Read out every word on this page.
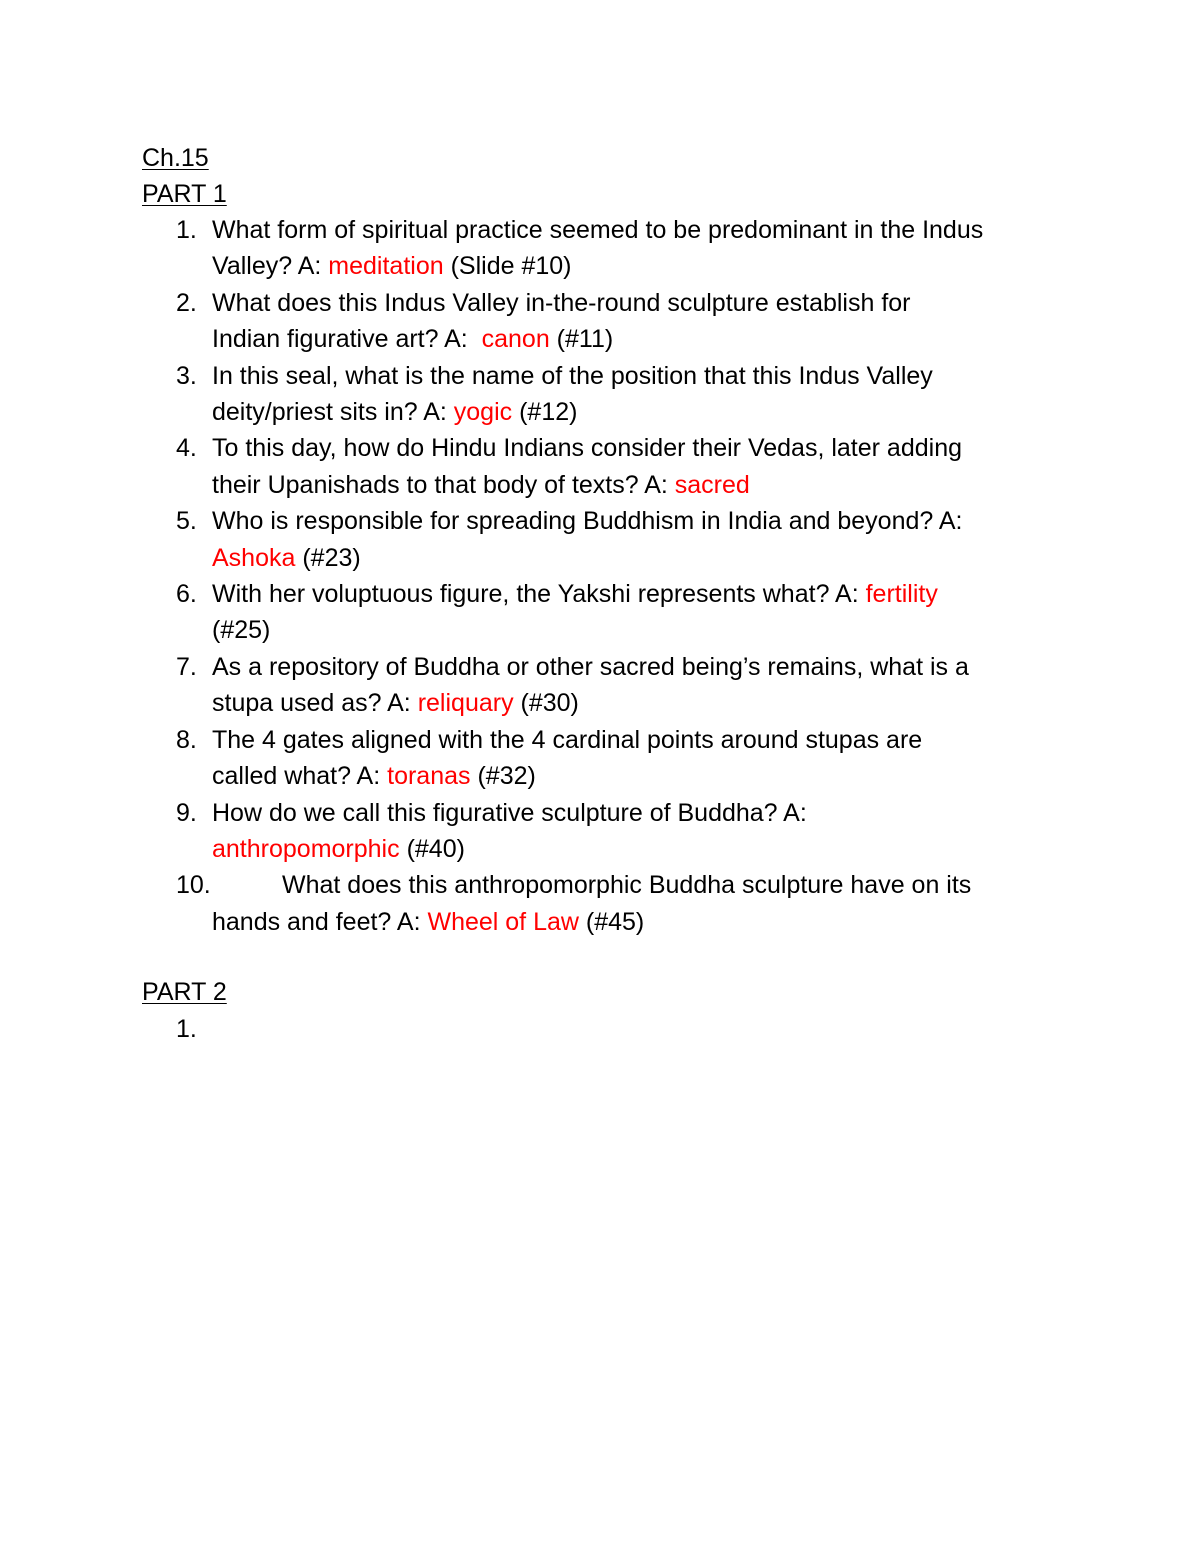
Ch.15
PART 1
1. What form of spiritual practice seemed to be predominant in the Indus
Valley? A: meditation (Slide #10)
2. What does this Indus Valley in-the-round sculpture establish for
Indian figurative art? A:  canon (#11)
3. In this seal, what is the name of the position that this Indus Valley
deity/priest sits in? A: yogic (#12)
4. To this day, how do Hindu Indians consider their Vedas, later adding
their Upanishads to that body of texts? A: sacred
5. Who is responsible for spreading Buddhism in India and beyond? A:
Ashoka (#23)
6. With her voluptuous figure, the Yakshi represents what? A: fertility
(#25)
7. As a repository of Buddha or other sacred being’s remains, what is a
stupa used as? A: reliquary (#30)
8. The 4 gates aligned with the 4 cardinal points around stupas are
called what? A: toranas (#32)
9. How do we call this figurative sculpture of Buddha? A:
anthropomorphic (#40)
10.	What does this anthropomorphic Buddha sculpture have on its
hands and feet? A: Wheel of Law (#45)
PART 2
1.
